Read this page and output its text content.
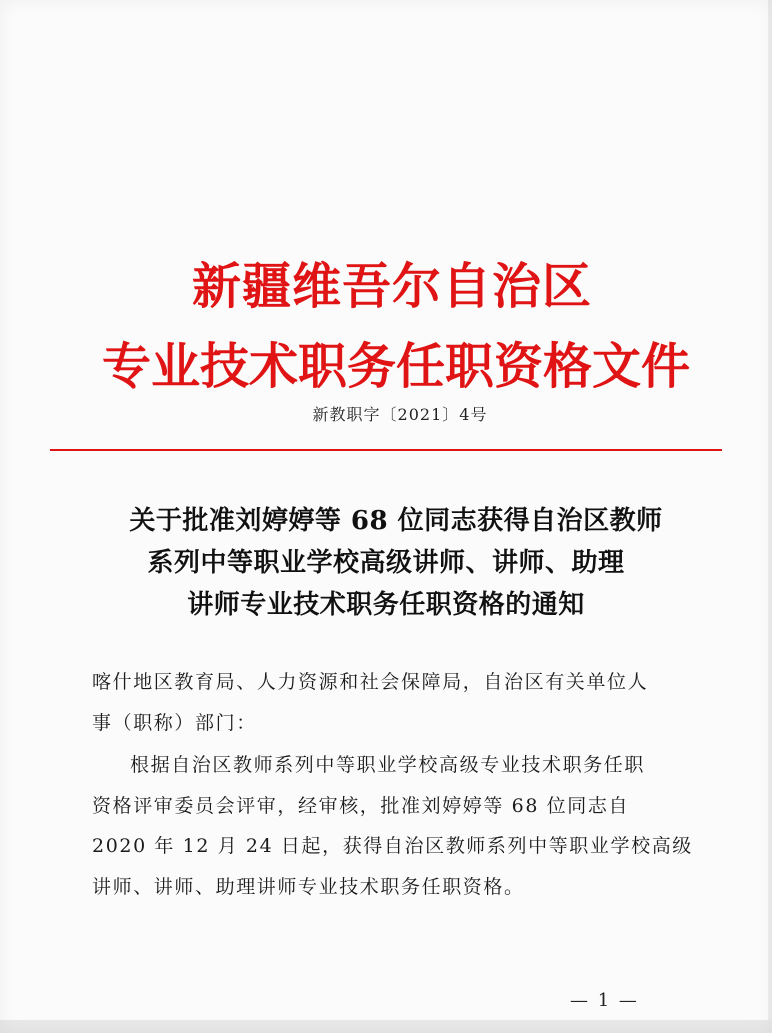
新疆维吾尔自治区
专业技术职务任职资格文件
新教职字〔2021〕4号
关于批准刘婷婷等 68 位同志获得自治区教师
系列中等职业学校高级讲师、讲师、助理
讲师专业技术职务任职资格的通知
喀什地区教育局、人力资源和社会保障局，自治区有关单位人
事（职称）部门：
根据自治区教师系列中等职业学校高级专业技术职务任职
资格评审委员会评审，经审核，批准刘婷婷等 68 位同志自
2020 年 12 月 24 日起，获得自治区教师系列中等职业学校高级
讲师、讲师、助理讲师专业技术职务任职资格。
— 1 —
